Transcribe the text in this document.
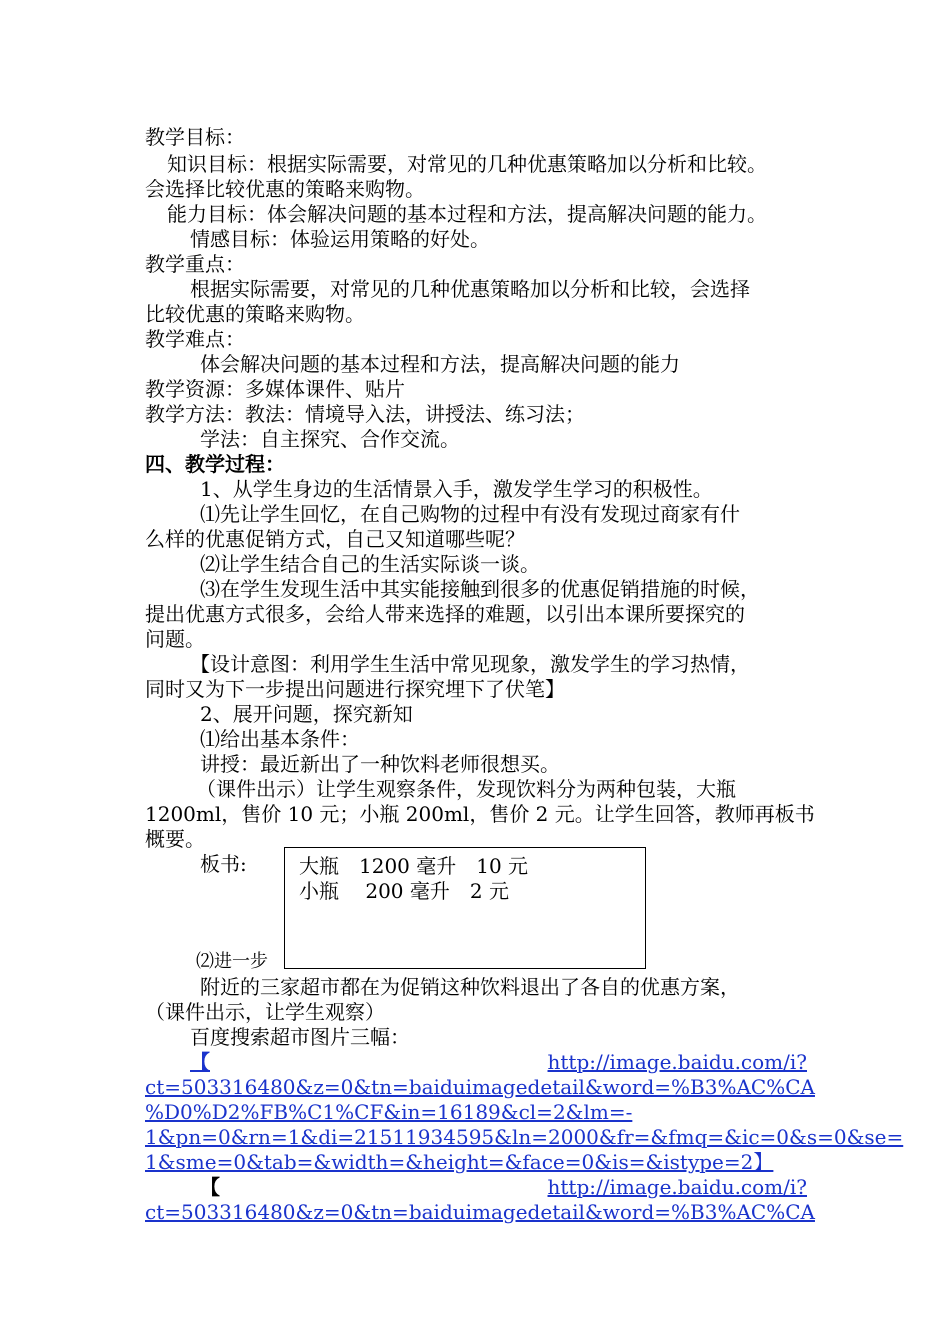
教学目标：
知识目标：根据实际需要，对常见的几种优惠策略加以分析和比较。
会选择比较优惠的策略来购物。
能力目标：体会解决问题的基本过程和方法，提高解决问题的能力。
情感目标：体验运用策略的好处。
教学重点：
根据实际需要，对常见的几种优惠策略加以分析和比较，会选择
比较优惠的策略来购物。
教学难点：
体会解决问题的基本过程和方法，提高解决问题的能力
教学资源：多媒体课件、贴片
教学方法：教法：情境导入法，讲授法、练习法；
学法：自主探究、合作交流。
四、教学过程：
1、从学生身边的生活情景入手，激发学生学习的积极性。
⑴先让学生回忆，在自己购物的过程中有没有发现过商家有什
么样的优惠促销方式，自己又知道哪些呢？
⑵让学生结合自己的生活实际谈一谈。
⑶在学生发现生活中其实能接触到很多的优惠促销措施的时候，
提出优惠方式很多，会给人带来选择的难题，以引出本课所要探究的
问题。
【设计意图：利用学生生活中常见现象，激发学生的学习热情，
同时又为下一步提出问题进行探究埋下了伏笔】
2、展开问题，探究新知
⑴给出基本条件：
讲授：最近新出了一种饮料老师很想买。
（课件出示）让学生观察条件，发现饮料分为两种包装，大瓶
1200ml，售价 10 元；小瓶 200ml，售价 2 元。让学生回答，教师再板书
概要。
板书:	大瓶　1200 毫升　10 元
小瓶　 200 毫升　2 元
⑵进一步
附近的三家超市都在为促销这种饮料退出了各自的优惠方案，
（课件出示，让学生观察）
百度搜索超市图片三幅：
【	http://image.baidu.com/i?
ct=503316480&z=0&tn=baiduimagedetail&word=%B3%AC%CA
%D0%D2%FB%C1%CF&in=16189&cl=2&lm=-
1&pn=0&rn=1&di=21511934595&ln=2000&fr=&fmq=&ic=0&s=0&se=
1&sme=0&tab=&width=&height=&face=0&is=&istype=2】
【	http://image.baidu.com/i?
ct=503316480&z=0&tn=baiduimagedetail&word=%B3%AC%CA
